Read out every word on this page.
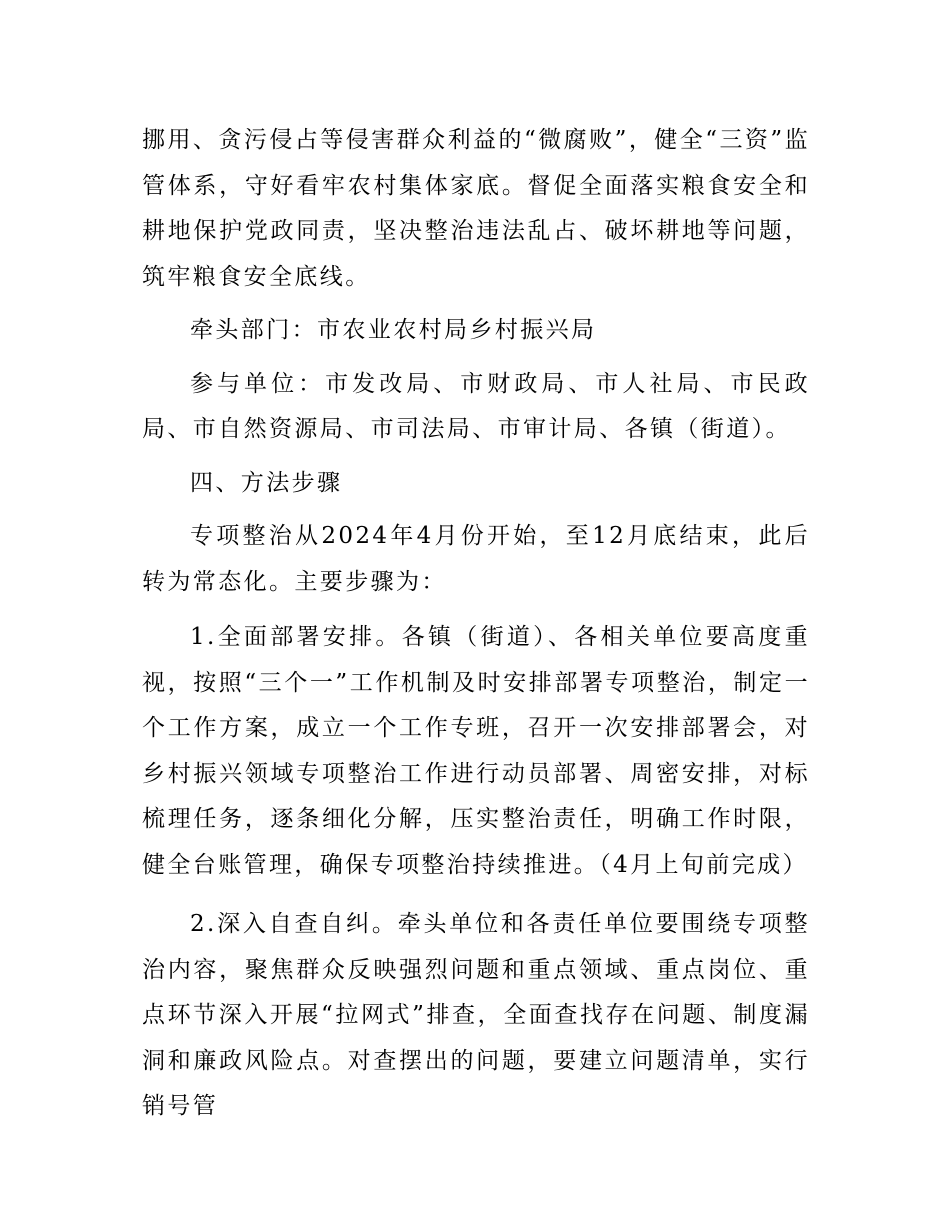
挪用、贪污侵占等侵害群众利益的“微腐败”，健全“三资”监管体系，守好看牢农村集体家底。督促全面落实粮食安全和耕地保护党政同责，坚决整治违法乱占、破坏耕地等问题，筑牢粮食安全底线。

牵头部门：市农业农村局乡村振兴局

参与单位：市发改局、市财政局、市人社局、市民政局、市自然资源局、市司法局、市审计局、各镇（街道）。

四、方法步骤

专项整治从2024年4月份开始，至12月底结束，此后转为常态化。主要步骤为：

1.全面部署安排。各镇（街道）、各相关单位要高度重视，按照“三个一”工作机制及时安排部署专项整治，制定一个工作方案，成立一个工作专班，召开一次安排部署会，对乡村振兴领域专项整治工作进行动员部署、周密安排，对标梳理任务，逐条细化分解，压实整治责任，明确工作时限，健全台账管理，确保专项整治持续推进。（4月上旬前完成）

2.深入自查自纠。牵头单位和各责任单位要围绕专项整治内容，聚焦群众反映强烈问题和重点领域、重点岗位、重点环节深入开展“拉网式”排查，全面查找存在问题、制度漏洞和廉政风险点。对查摆出的问题，要建立问题清单，实行销号管
